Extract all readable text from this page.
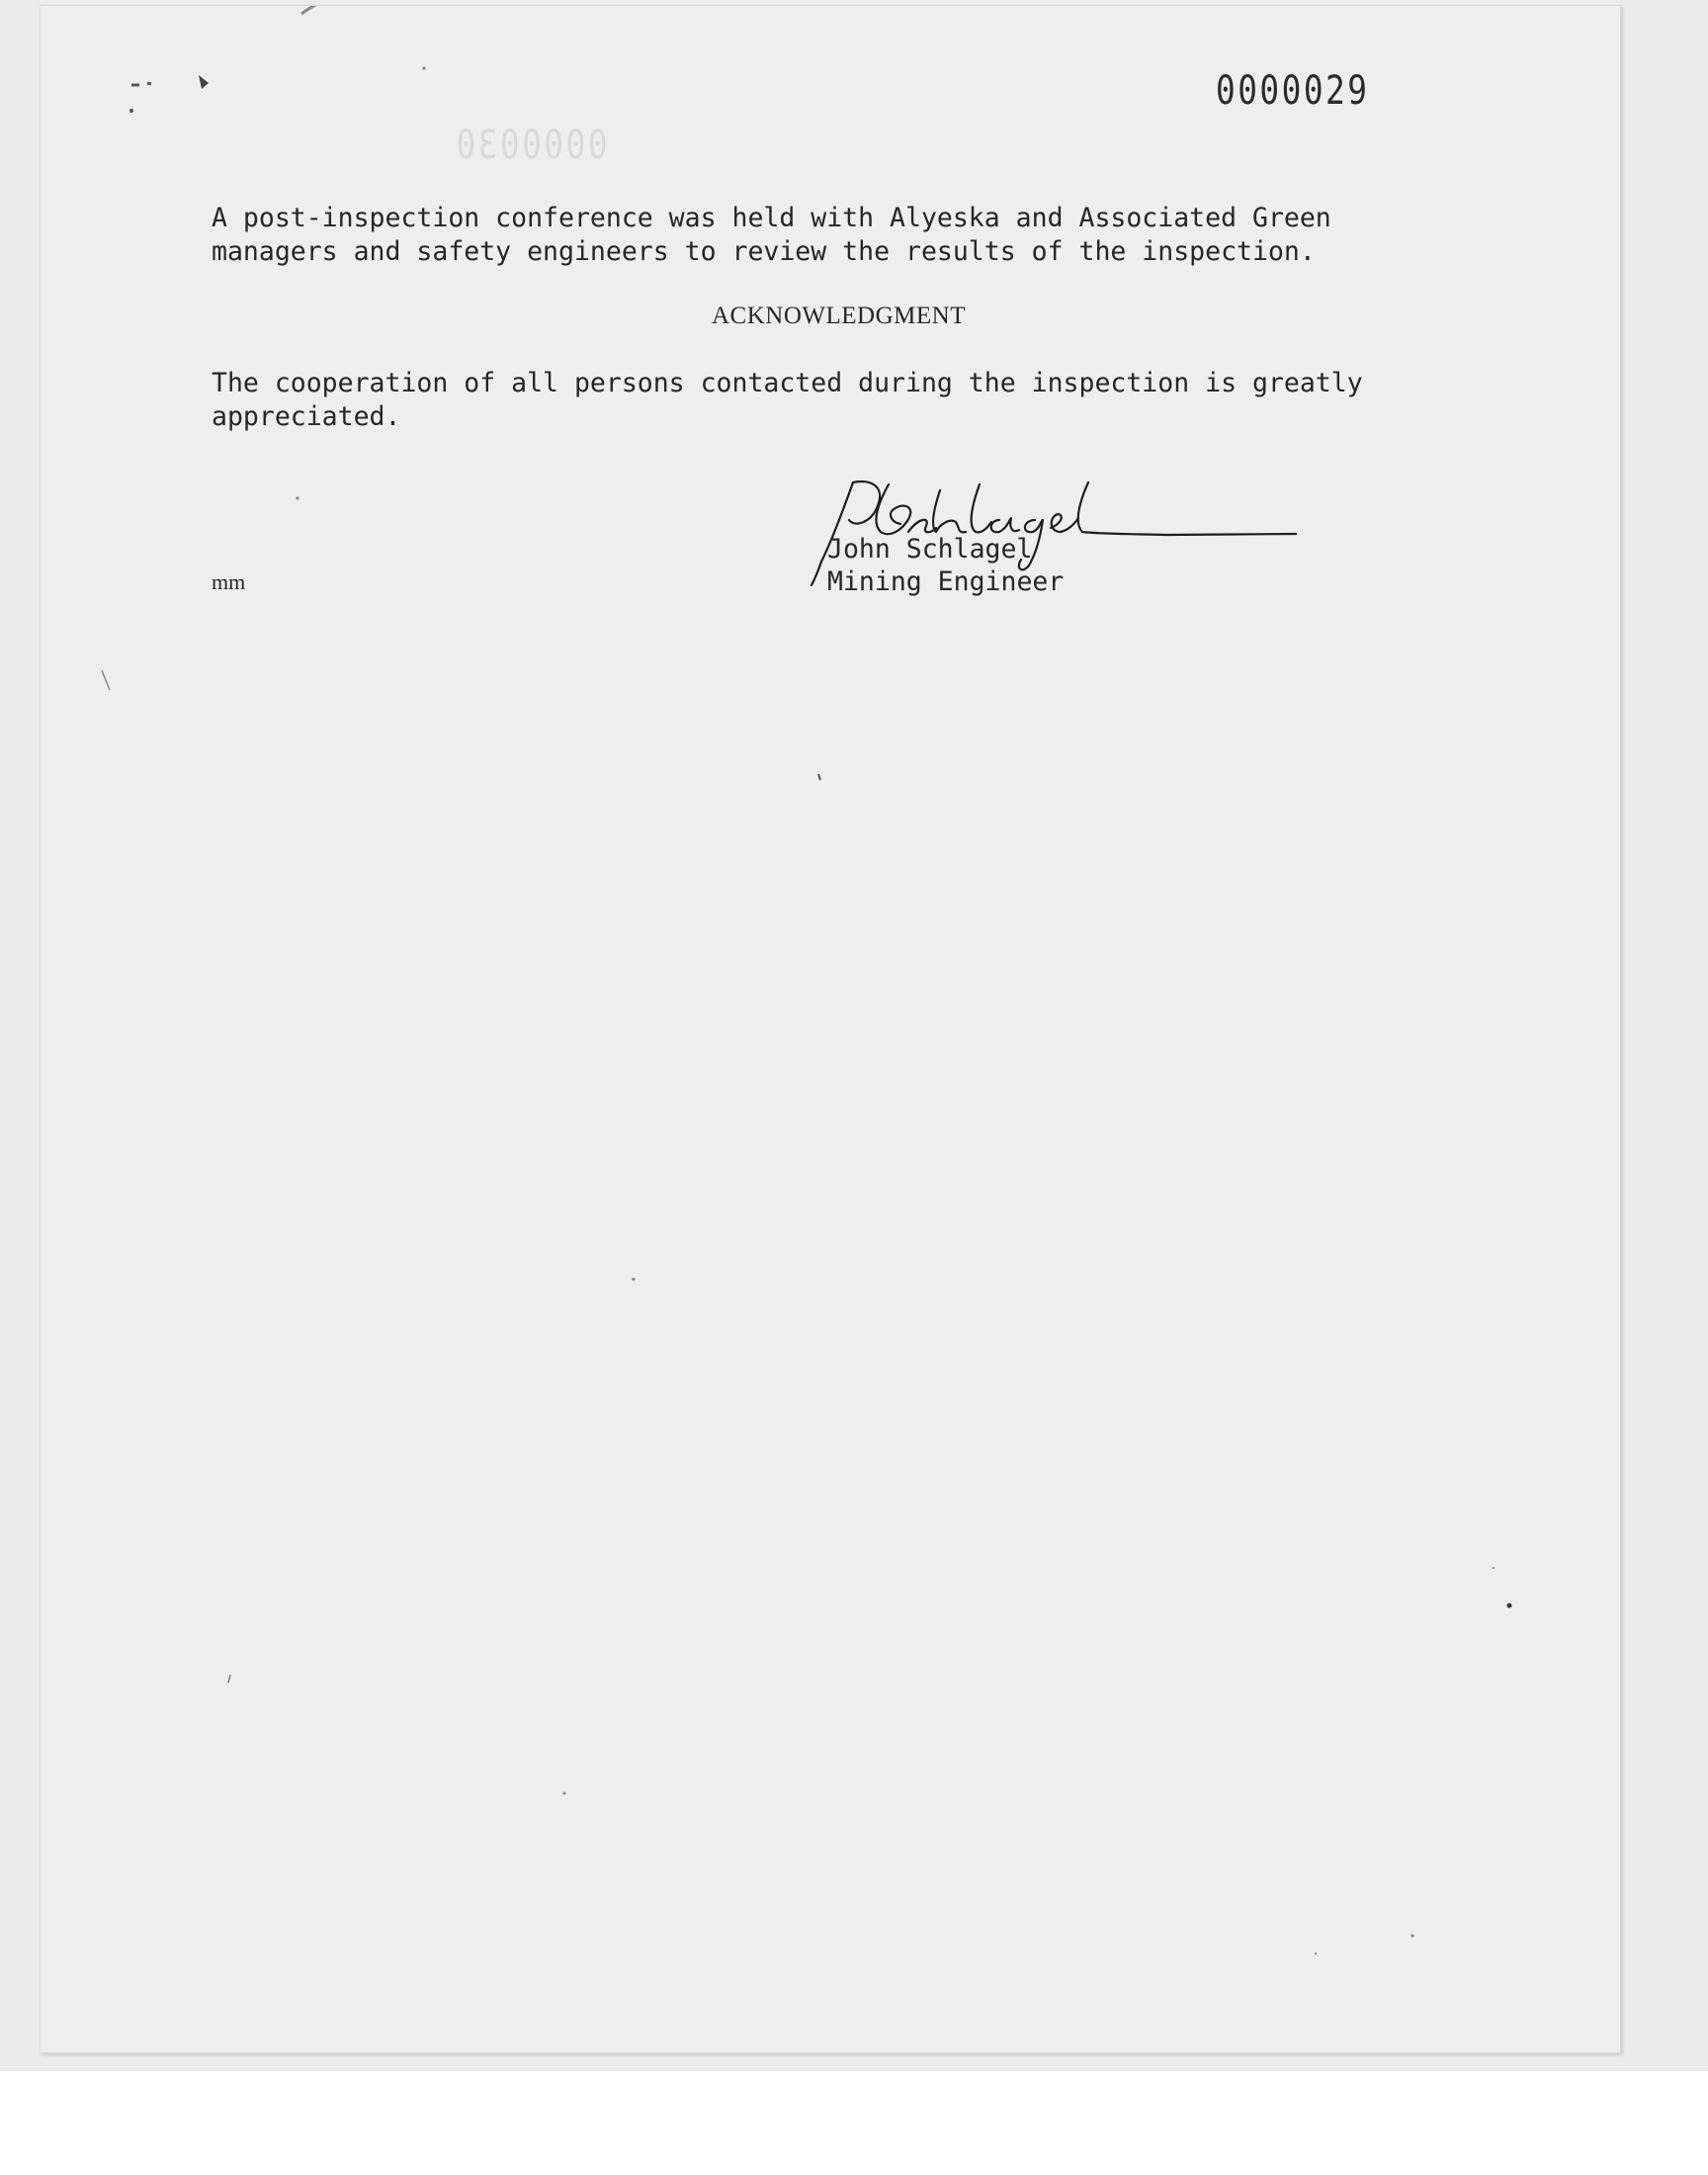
0000030

0000029

A post-inspection conference was held with Alyeska and Associated Green
managers and safety engineers to review the results of the inspection.

ACKNOWLEDGMENT

The cooperation of all persons contacted during the inspection is greatly
appreciated.

John Schlagel

Mining Engineer

mm
